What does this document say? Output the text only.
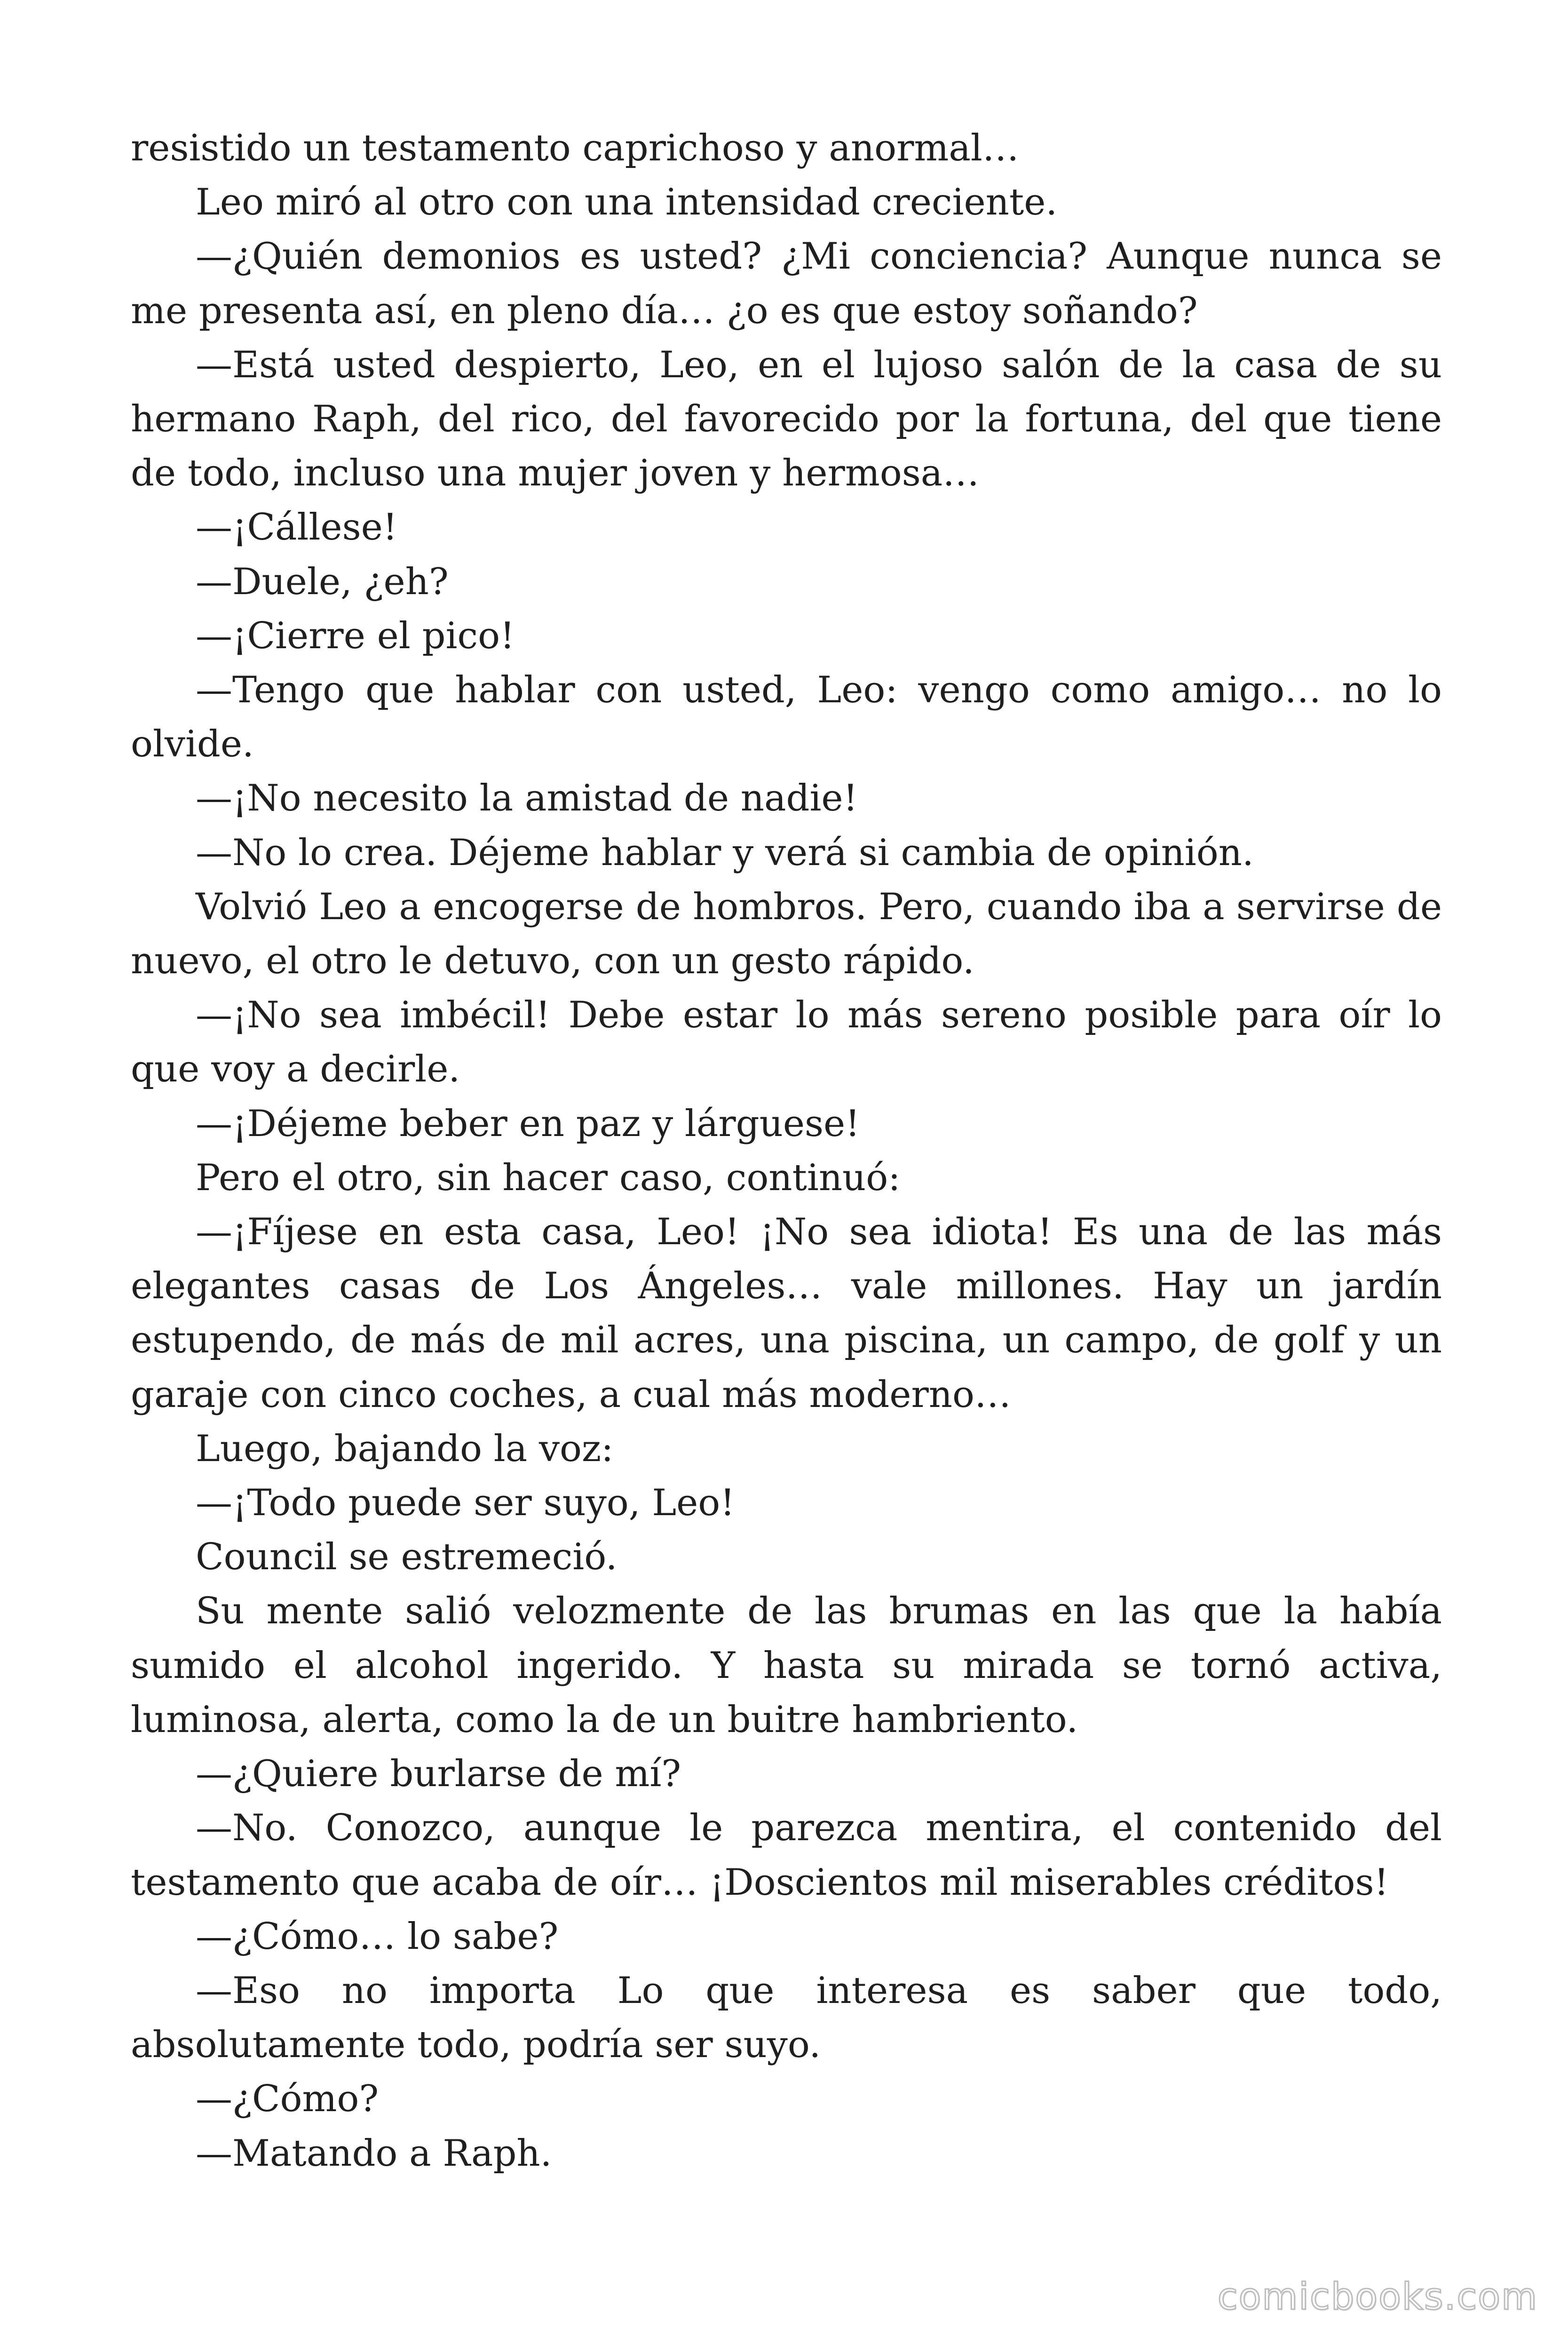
resistido un testamento caprichoso y anormal…

Leo miró al otro con una intensidad creciente.

—¿Quién demonios es usted? ¿Mi conciencia? Aunque nunca se me presenta así, en pleno día… ¿o es que estoy soñando?

—Está usted despierto, Leo, en el lujoso salón de la casa de su hermano Raph, del rico, del favorecido por la fortuna, del que tiene de todo, incluso una mujer joven y hermosa…

—¡Cállese!

—Duele, ¿eh?

—¡Cierre el pico!

—Tengo que hablar con usted, Leo: vengo como amigo… no lo olvide.

—¡No necesito la amistad de nadie!

—No lo crea. Déjeme hablar y verá si cambia de opinión.

Volvió Leo a encogerse de hombros. Pero, cuando iba a servirse de nuevo, el otro le detuvo, con un gesto rápido.

—¡No sea imbécil! Debe estar lo más sereno posible para oír lo que voy a decirle.

—¡Déjeme beber en paz y lárguese!

Pero el otro, sin hacer caso, continuó:

—¡Fíjese en esta casa, Leo! ¡No sea idiota! Es una de las más elegantes casas de Los Ángeles… vale millones. Hay un jardín estupendo, de más de mil acres, una piscina, un campo, de golf y un garaje con cinco coches, a cual más moderno…

Luego, bajando la voz:

—¡Todo puede ser suyo, Leo!

Council se estremeció.

Su mente salió velozmente de las brumas en las que la había sumido el alcohol ingerido. Y hasta su mirada se tornó activa, luminosa, alerta, como la de un buitre hambriento.

—¿Quiere burlarse de mí?

—No. Conozco, aunque le parezca mentira, el contenido del testamento que acaba de oír… ¡Doscientos mil miserables créditos!

—¿Cómo… lo sabe?

—Eso no importa Lo que interesa es saber que todo, absolutamente todo, podría ser suyo.

—¿Cómo?

—Matando a Raph.

comicbooks.com
